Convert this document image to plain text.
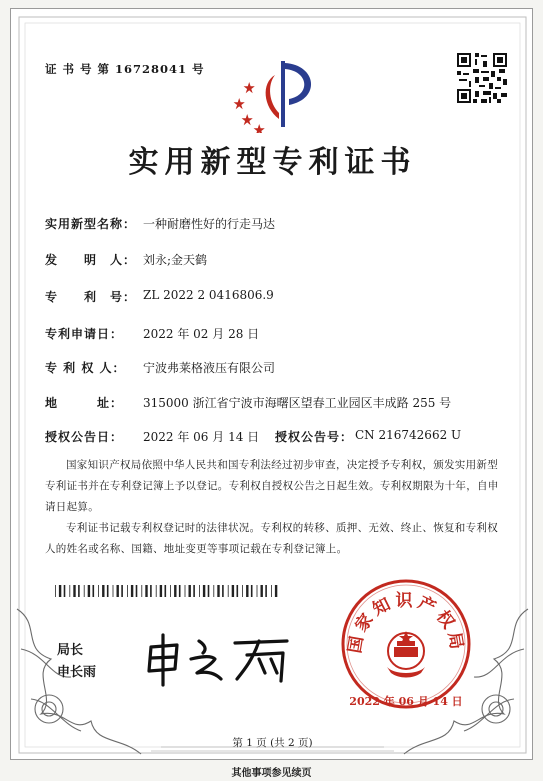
证 书 号 第 16728041 号
实用新型专利证书
实用新型名称： 一种耐磨性好的行走马达
发　　明　人： 刘永;金天鹤
专　　利　号： ZL 2022 2 0416806.9
专利申请日： 2022 年 02 月 28 日
专 利 权 人： 宁波弗莱格液压有限公司
地　　　址： 315000 浙江省宁波市海曙区望春工业园区丰成路 255 号
授权公告日： 2022 年 06 月 14 日 授权公告号： CN 216742662 U
国家知识产权局依照中华人民共和国专利法经过初步审查，决定授予专利权，颁发实用新型专利证书并在专利登记簿上予以登记。专利权自授权公告之日起生效。专利权期限为十年，自申请日起算。
专利证书记载专利权登记时的法律状况。专利权的转移、质押、无效、终止、恢复和专利权人的姓名或名称、国籍、地址变更等事项记载在专利登记簿上。
局长
申长雨
国家知识产权局
2022 年 06 月 14 日
第 1 页 (共 2 页)
其他事项参见续页
